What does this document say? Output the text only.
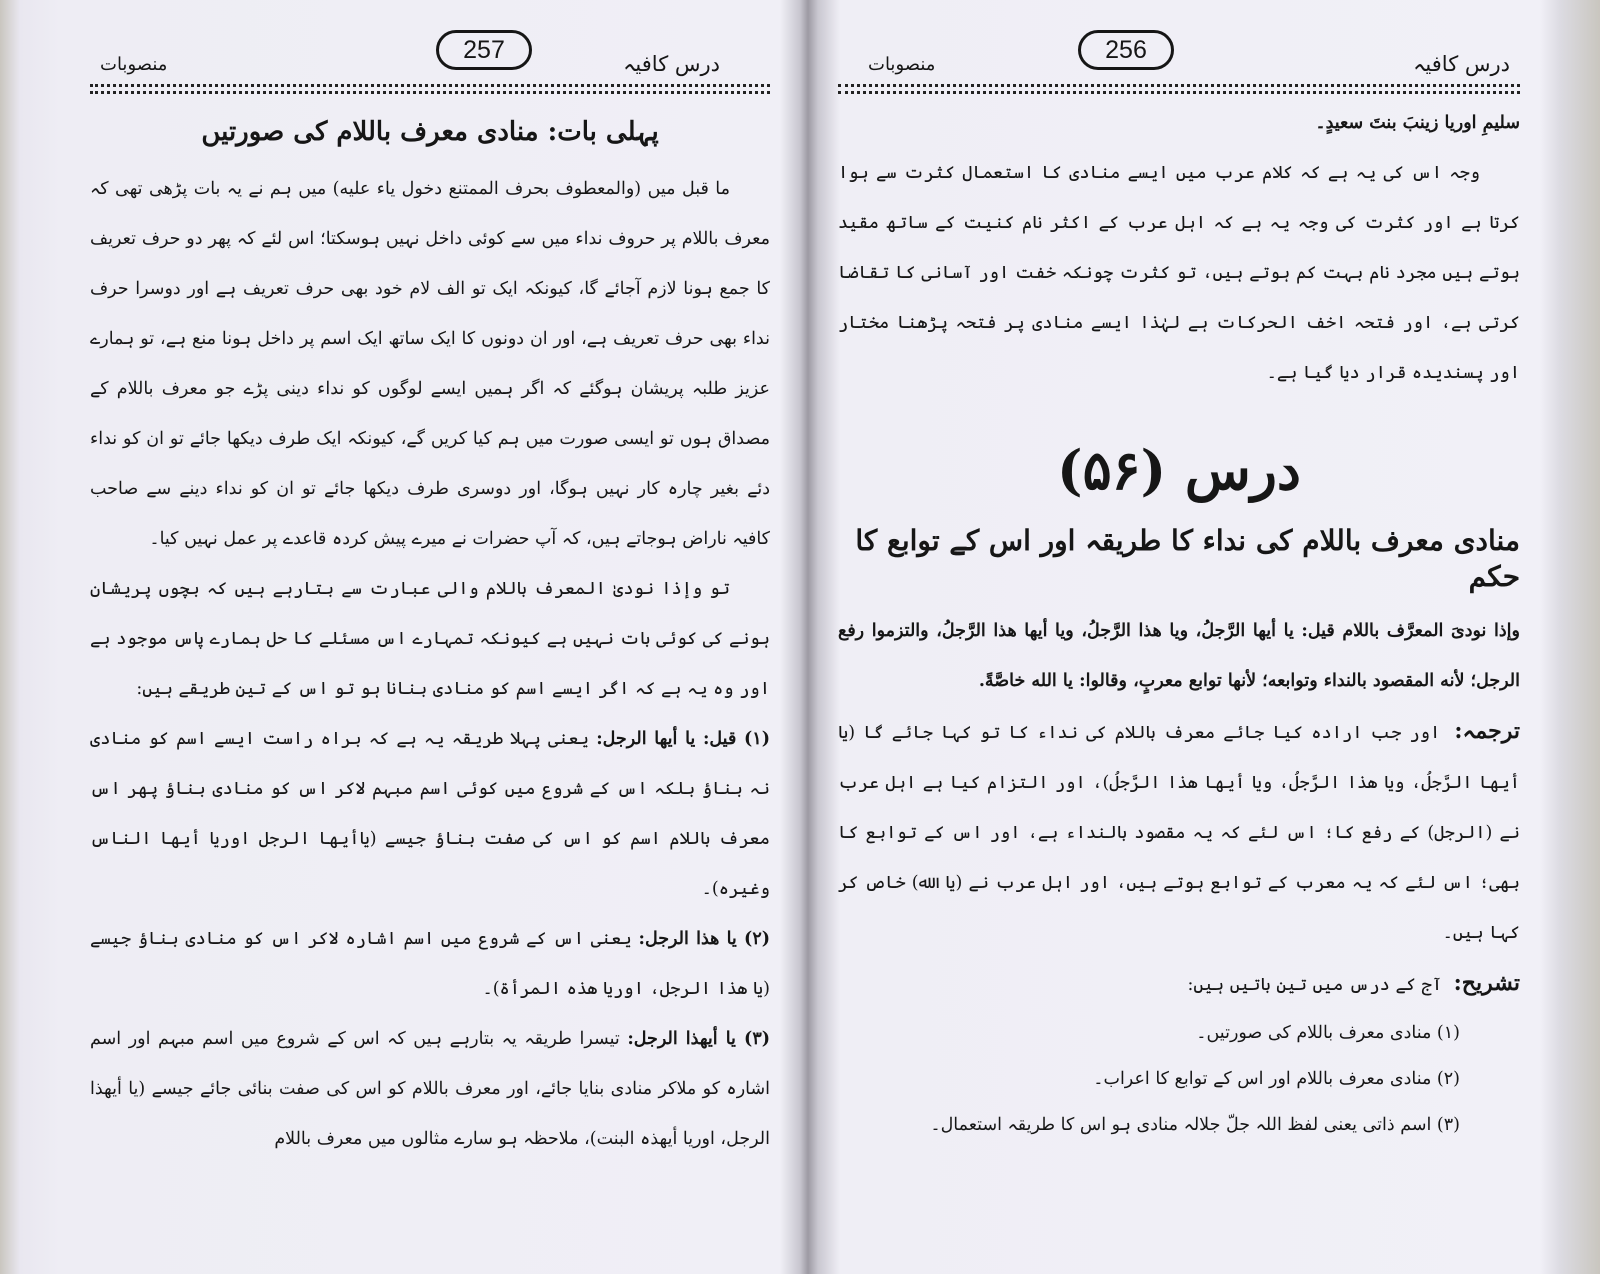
درس کافیہ
257
منصوبات
پہلی بات: منادی معرف باللام کی صورتیں

ما قبل میں (والمعطوف بحرف الممتنع دخول یاء علیه) میں ہم نے یہ بات پڑھی تھی کہ معرف باللام پر حروف نداء میں سے کوئی داخل نہیں ہوسکتا؛ اس لئے کہ پھر دو حرف تعریف کا جمع ہونا لازم آجائے گا، کیونکہ ایک تو الف لام خود بھی حرف تعریف ہے اور دوسرا حرف نداء بھی حرف تعریف ہے، اور ان دونوں کا ایک ساتھ ایک اسم پر داخل ہونا منع ہے، تو ہمارے عزیز طلبہ پریشان ہوگئے کہ اگر ہمیں ایسے لوگوں کو نداء دینی پڑے جو معرف باللام کے مصداق ہوں تو ایسی صورت میں ہم کیا کریں گے، کیونکہ ایک طرف دیکھا جائے تو ان کو نداء دئے بغیر چارہ کار نہیں ہوگا، اور دوسری طرف دیکھا جائے تو ان کو نداء دینے سے صاحب کافیہ ناراض ہوجاتے ہیں، کہ آپ حضرات نے میرے پیش کردہ قاعدے پر عمل نہیں کیا۔

تو وإذا نودیٰ المعرف باللام والی عبارت سے بتارہے ہیں کہ بچوں پریشان ہونے کی کوئی بات نہیں ہے کیونکہ تمہارے اس مسئلے کا حل ہمارے پاس موجود ہے اور وہ یہ ہے کہ اگر ایسے اسم کو منادی بنانا ہو تو اس کے تین طریقے ہیں:

(۱) قیل: یا أیها الرجل: یعنی پہلا طریقہ یہ ہے کہ براہ راست ایسے اسم کو منادی نہ بناؤ بلکہ اس کے شروع میں کوئی اسم مبہم لاکر اس کو منادی بناؤ پھر اس معرف باللام اسم کو اس کی صفت بناؤ جیسے (یاأیها الرجل اوریا أیها الناس وغیرہ)۔

(۲) یا هذا الرجل: یعنی اس کے شروع میں اسم اشارہ لاکر اس کو منادی بناؤ جیسے (یا هذا الرجل، اوریا هذه المرأة)۔

(۳) یا أیهذا الرجل: تیسرا طریقہ یہ بتارہے ہیں کہ اس کے شروع میں اسم مبہم اور اسم اشارہ کو ملاکر منادی بنایا جائے، اور معرف باللام کو اس کی صفت بنائی جائے جیسے (یا أیهذا الرجل، اوریا أیهذہ البنت)، ملاحظہ ہو سارے مثالوں میں معرف باللام

درس کافیہ
256
منصوبات

سلیمِ اوریا زینبَ بنتَ سعیدٍ۔

وجہ اس کی یہ ہے کہ کلام عرب میں ایسے منادی کا استعمال کثرت سے ہوا کرتا ہے اور کثرت کی وجہ یہ ہے کہ اہل عرب کے اکثر نام کنیت کے ساتھ مقید ہوتے ہیں مجرد نام بہت کم ہوتے ہیں، تو کثرت چونکہ خفت اور آسانی کا تقاضا کرتی ہے، اور فتحہ اخف الحرکات ہے لہٰذا ایسے منادی پر فتحہ پڑھنا مختار اور پسندیدہ قرار دیا گیا ہے۔

درس (۵۶)
منادی معرف باللام کی نداء کا طریقہ اور اس کے توابع کا حکم

وإذا نودیَ المعرَّف باللام قیل: یا أیها الرَّجلُ، ویا هذا الرَّجلُ، ویا أیها هذا الرَّجلُ، والتزموا رفع الرجل؛ لأنه المقصود بالنداء وتوابعه؛ لأنها توابع معربٍ، وقالوا: یا الله خاصَّةً.

ترجمہ: اور جب ارادہ کیا جائے معرف باللام کی نداء کا تو کہا جائے گا (یا أیها الرَّجلُ، ویا هذا الرَّجلُ، ویا أیها هذا الرَّجلُ)، اور التزام کیا ہے اہل عرب نے (الرجل) کے رفع کا؛ اس لئے کہ یہ مقصود بالنداء ہے، اور اس کے توابع کا بھی؛ اس لئے کہ یہ معرب کے توابع ہوتے ہیں، اور اہل عرب نے (یا الله) خاص کر کہا ہیں۔

تشریح: آج کے درس میں تین باتیں ہیں:

(۱) منادی معرف باللام کی صورتیں۔
(۲) منادی معرف باللام اور اس کے توابع کا اعراب۔
(۳) اسم ذاتی یعنی لفظ اللہ جلّ جلالہ منادی ہو اس کا طریقہ استعمال۔
